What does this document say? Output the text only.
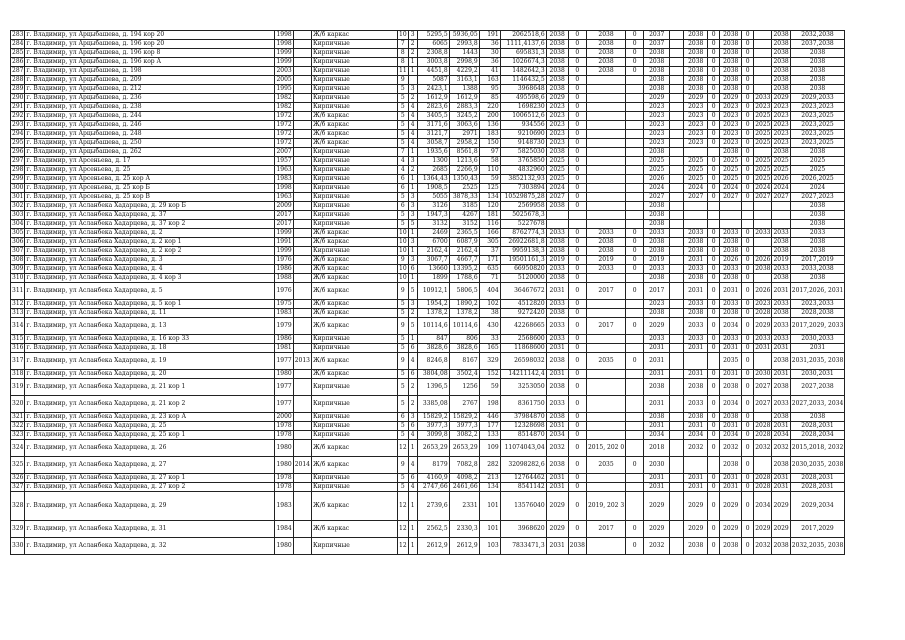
283	г. Владимир, ул Арцыбашева, д. 194 кор 20	1998		Ж/б каркас	10	3	5295,5	5936,05	191	2062518,6	2038	0	2038	0	2037		2038	0	2038	0		2038	2032,2038
284	г. Владимир, ул Арцыбашева, д. 196 кор 20	1998		Кирпичные	7	2	6065	2993,8	36	1111,4137,6	2038	0	2038	0	2037		2038	0	2038	0		2038	2037,2038
285	г. Владимир, ул Арцыбашева, д. 196 кор 8	1999		Кирпичные	8	2	2308,8	1443	30	695831,3	2038	0	2038	0	2038		2038	0	2038	0		2038	2038
286	г. Владимир, ул Арцыбашева, д. 196 кор А	1999		Кирпичные	8	1	3003,8	2998,9	36	1026674,3	2038	0	2038	0	2038		2038	0	2038	0		2038	2038
287	г. Владимир, ул Арцыбашева, д. 198	2003		Кирпичные	11	1	4451,8	4229,2	41	1482642,3	2038	0	2038	0	2038		2038	0	2038	0		2038	2038
288	г. Владимир, ул Арцыбашева, д. 209	2005		Кирпичные	9		5087	3163,1	163	1146432,5	2038	0			2038		2038	0	2038	0		2038	2038
289	г. Владимир, ул Арцыбашева, д. 212	1995		Кирпичные	5	3	2423,1	1388	95	3968648	2038	0			2038		2038	0	2038	0		2038	2038
290	г. Владимир, ул Арцыбашева, д. 236	1982		Кирпичные	5	2	1612,9	1612,9	85	495598,6	2029	0			2029		2029	0	2029	0	2033	2029	2029,2033
291	г. Владимир, ул Арцыбашева, д. 238	1982		Кирпичные	5	4	2823,6	2883,3	220	1698230	2023	0			2023		2023	0	2023	0	2023	2023	2023,2023
292	г. Владимир, ул Арцыбашева, д. 244	1972		Ж/б каркас	5	4	3405,5	3245,2	200	1006512,6	2023	0			2023		2023	0	2023	0	2025	2023	2023,2025
293	г. Владимир, ул Арцыбашева, д. 246	1972		Ж/б каркас	5	4	3171,6	3063,6	136	934556	2023	0			2023		2023	0	2023	0	2025	2023	2023,2025
294	г. Владимир, ул Арцыбашева, д. 248	1972		Ж/б каркас	5	4	3121,7	2971	183	9210690	2023	0			2023		2023	0	2023	0	2025	2023	2023,2025
295	г. Владимир, ул Арцыбашева, д. 250	1972		Ж/б каркас	5	4	3058,7	2958,2	150	9148730	2023	0			2023		2023	0	2023	0	2025	2023	2023,2025
296	г. Владимир, ул Арцыбашева, д. 262	2007		Кирпичные	7	1	1935,6	8561,8	97	5825030	2038	0			2038				2038	0		2038	2038
297	г. Владимир, ул Арсеньева, д. 17	1957		Кирпичные	4	3	1300	1213,6	58	3765850	2025	0			2025		2025	0	2025	0	2025	2025	2025
298	г. Владимир, ул Арсеньева, д. 25	1963		Кирпичные	4	2	2685	2266,9	110	4832960	2025	0			2025		2025	0	2025	0	2025	2025	2025
299	г. Владимир, ул Арсеньева, д. 25 кор А	1983		Кирпичные	6	1	1364,43	1350,43	59	3852132,93	2025	0			2026		2025	0	2025	0	2025	2026	2026,2025
300	г. Владимир, ул Арсеньева, д. 25 кор Б	1998		Кирпичные	6	1	1908,5	2525	125	7303894	2024	0			2024		2024	0	2024	0	2024	2024	2024
301	г. Владимир, ул Арсеньева, д. 25 кор В	1963		Кирпичные	5	3	5055	3878,33	134	10529875,28	2027	0			2027		2027	0	2027	0	2027	2027	2027,2023
302	г. Владимир, ул Асланбека Хадарцева, д. 29 кор Б	2009		Кирпичные	6	3	3126	3185	120	2569958	2038	0			2038								2038
303	г. Владимир, ул Асланбека Хадарцева, д. 37	2017		Кирпичные	5	3	1947,3	4267	181	5025678,3					2038								2038
304	г. Владимир, ул Асланбека Хадарцева, д. 37 кор 2	2017		Кирпичные	5	5	3132	3152	116	5227678					2038								2038
305	г. Владимир, ул Асланбека Хадарцева, д. 2	1999		Ж/б каркас	10	1	2469	2365,5	166	8762774,3	2033	0	2033	0	2033		2033	0	2033	0	2033	2033	2033
306	г. Владимир, ул Асланбека Хадарцева, д. 2 кор 1	1991		Ж/б каркас	10	3	6700	6087,9	305	26922681,8	2038	0	2038	0	2038		2038	0	2038	0		2038	2038
307	г. Владимир, ул Асланбека Хадарцева, д. 2 кор 2	1999		Кирпичные	10	1	2162,4	2162,4	37	9959138,3	2038	0	2038	0	2038		2038	0	2038	0		2038	2038
308	г. Владимир, ул Асланбека Хадарцева, д. 3	1976		Ж/б каркас	9	3	3067,7	4667,7	171	19501161,3	2019	0	2019	0	2019		2031	0	2026	0	2026	2019	2017,2019
309	г. Владимир, ул Асланбека Хадарцева, д. 4	1986		Ж/б каркас	10	6	13660	13395,2	635	66950820	2033	0	2033	0	2033		2033	0	2033	0	2038	2033	2033,2038
310	г. Владимир, ул Асланбека Хадарцева, д. 4 кор 3	1988		Ж/б каркас	10	1	1899	1788,6	71	5120000	2038	0			2038		2038	0	2038	0		2038	2038
311	г. Владимир, ул Асланбека Хадарцева, д. 5	1976		Ж/б каркас	9	5	10912,1	5806,5	404	36467672	2031	0	2017	0	2017		2031	0	2031	0	2026	2031	2017,2026, 2031
312	г. Владимир, ул Асланбека Хадарцева, д. 5 кор 1	1975		Ж/б каркас	5	3	1954,2	1890,2	102	4512820	2033	0			2023		2033	0	2033	0	2023	2033	2023,2033
313	г. Владимир, ул Асланбека Хадарцева, д. 11	1983		Ж/б каркас	5	2	1378,2	1378,2	38	9272420	2038	0			2038		2038	0	2038	0	2028	2038	2028,2038
314	г. Владимир, ул Асланбека Хадарцева, д. 13	1979		Ж/б каркас	9	5	10114,6	10114,6	430	42268665	2033	0	2017	0	2029		2033	0	2034	0	2029	2033	2017,2029, 2033
315	г. Владимир, ул Асланбека Хадарцева, д. 16 кор 33	1986		Кирпичные	5	1	847	806	33	2568600	2033	0			2033		2033	0	2033	0	2033	2033	2030,2033
316	г. Владимир, ул Асланбека Хадарцева, д. 18	1981		Кирпичные	5	6	3828,6	3828,6	165	11868600	2031	0			2031		2031	0	2031	0	2031	2031	2031
317	г. Владимир, ул Асланбека Хадарцева, д. 19	1977	2013	Ж/б каркас	9	4	8246,8	8167	329	26598032	2038	0	2035	0	2031				2035	0		2038	2031,2035, 2038
318	г. Владимир, ул Асланбека Хадарцева, д. 20	1980		Ж/б каркас	5	6	3804,08	3502,4	152	14211142,4	2031	0			2031		2031	0	2031	0	2030	2031	2030,2031
319	г. Владимир, ул Асланбека Хадарцева, д. 21 кор 1	1977		Кирпичные	5	2	1396,5	1256	59	3253050	2038	0			2038		2038	0	2038	0	2027	2038	2027,2038
320	г. Владимир, ул Асланбека Хадарцева, д. 21 кор 2	1977		Кирпичные	5	2	3385,08	2767	198	8361750	2033	0			2031		2033	0	2034	0	2027	2033	2027,2033, 2034
321	г. Владимир, ул Асланбека Хадарцева, д. 23 кор А	2000		Кирпичные	6	3	15829,2	15829,2	446	37984870	2038	0			2038		2038	0	2038	0		2038	2038
322	г. Владимир, ул Асланбека Хадарцева, д. 25	1978		Кирпичные	5	6	3977,3	3977,3	177	12328698	2031	0			2031		2031	0	2031	0	2028	2031	2028,2031
323	г. Владимир, ул Асланбека Хадарцева, д. 25 кор 1	1978		Кирпичные	5	4	3099,8	3082,2	133	8514870	2034	0			2034		2034	0	2034	0	2028	2034	2028,2034
324	г. Владимир, ул Асланбека Хадарцева, д. 26	1980		Ж/б каркас	12	1	2653,29	2653,29	109	11074043,04	2032	0	2015, 202 0		2018		2032	0	2032	0	2032	2032	2015,2018, 2032
325	г. Владимир, ул Асланбека Хадарцева, д. 27	1980	2014	Ж/б каркас	9	4	8179	7082,8	282	32098282,6	2038	0	2035	0	2030				2038	0		2038	2030,2035, 2038
326	г. Владимир, ул Асланбека Хадарцева, д. 27 кор 1	1978		Кирпичные	5	6	4160,9	4098,2	213	12764462	2031	0			2031		2031	0	2031	0	2028	2031	2028,2031
327	г. Владимир, ул Асланбека Хадарцева, д. 27 кор 2	1978		Кирпичные	5	4	2747,66	2461,66	134	8541142	2031	0			2031		2031	0	2031	0	2028	2031	2028,2031
328	г. Владимир, ул Асланбека Хадарцева, д. 29	1983		Ж/б каркас	12	1	2739,6	2331	101	13576040	2029	0	2019, 202 3		2029		2029	0	2029	0	2034	2029	2029,2034
329	г. Владимир, ул Асланбека Хадарцева, д. 31	1984		Ж/б каркас	12	1	2562,5	2330,3	101	3968620	2029	0	2017	0	2029		2029	0	2029	0	2029	2029	2017,2029
330	г. Владимир, ул Асланбека Хадарцева, д. 32	1980		Кирпичные	12	1	2612,9	2612,9	103	7833471,3	2031	2038		0	2032		2038	0	2038	0	2032	2038	2032,2035, 2038
